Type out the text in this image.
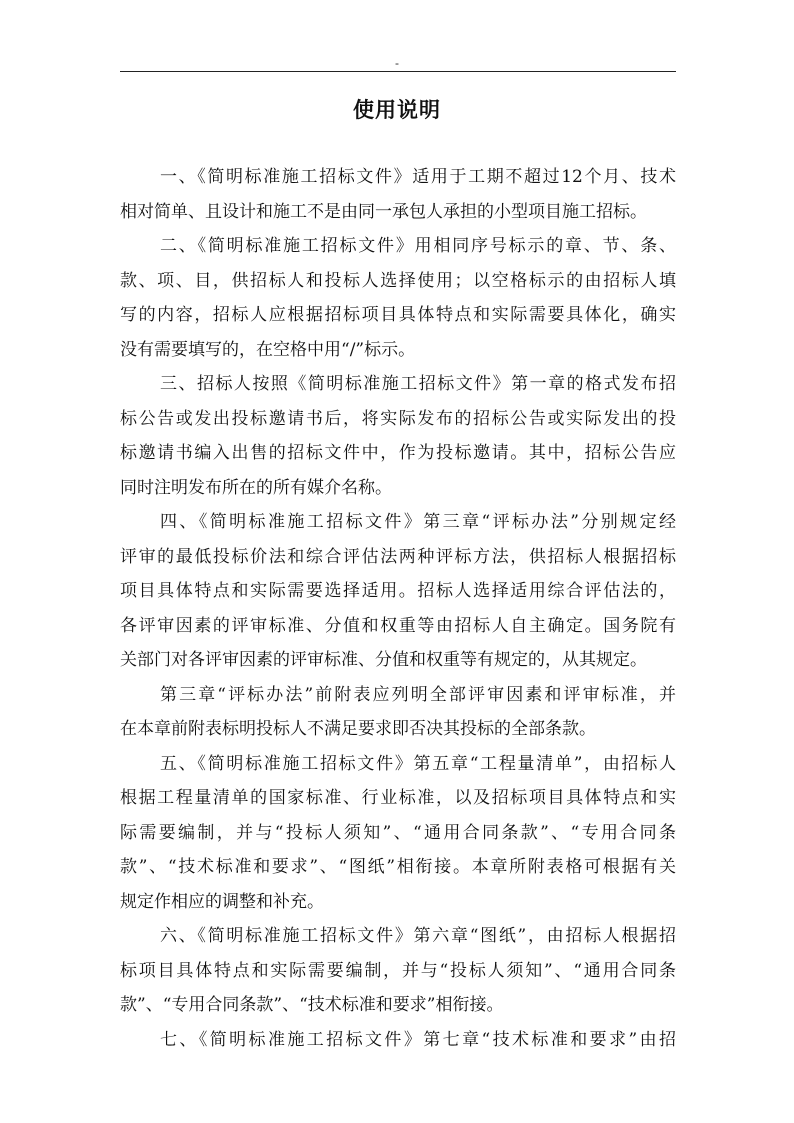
-
使用说明
一、《简明标准施工招标文件》适用于工期不超过12个月、技术
相对简单、且设计和施工不是由同一承包人承担的小型项目施工招标。
二、《简明标准施工招标文件》用相同序号标示的章、节、条、
款、项、目，供招标人和投标人选择使用；以空格标示的由招标人填
写的内容，招标人应根据招标项目具体特点和实际需要具体化，确实
没有需要填写的，在空格中用“/”标示。
三、招标人按照《简明标准施工招标文件》第一章的格式发布招
标公告或发出投标邀请书后，将实际发布的招标公告或实际发出的投
标邀请书编入出售的招标文件中，作为投标邀请。其中，招标公告应
同时注明发布所在的所有媒介名称。
四、《简明标准施工招标文件》第三章“评标办法”分别规定经
评审的最低投标价法和综合评估法两种评标方法，供招标人根据招标
项目具体特点和实际需要选择适用。招标人选择适用综合评估法的，
各评审因素的评审标准、分值和权重等由招标人自主确定。国务院有
关部门对各评审因素的评审标准、分值和权重等有规定的，从其规定。
第三章“评标办法”前附表应列明全部评审因素和评审标准，并
在本章前附表标明投标人不满足要求即否决其投标的全部条款。
五、《简明标准施工招标文件》第五章“工程量清单”，由招标人
根据工程量清单的国家标准、行业标准，以及招标项目具体特点和实
际需要编制，并与“投标人须知”、“通用合同条款”、“专用合同条
款”、“技术标准和要求”、“图纸”相衔接。本章所附表格可根据有关
规定作相应的调整和补充。
六、《简明标准施工招标文件》第六章“图纸”，由招标人根据招
标项目具体特点和实际需要编制，并与“投标人须知”、“通用合同条
款”、“专用合同条款”、“技术标准和要求”相衔接。
七、《简明标准施工招标文件》第七章“技术标准和要求”由招
